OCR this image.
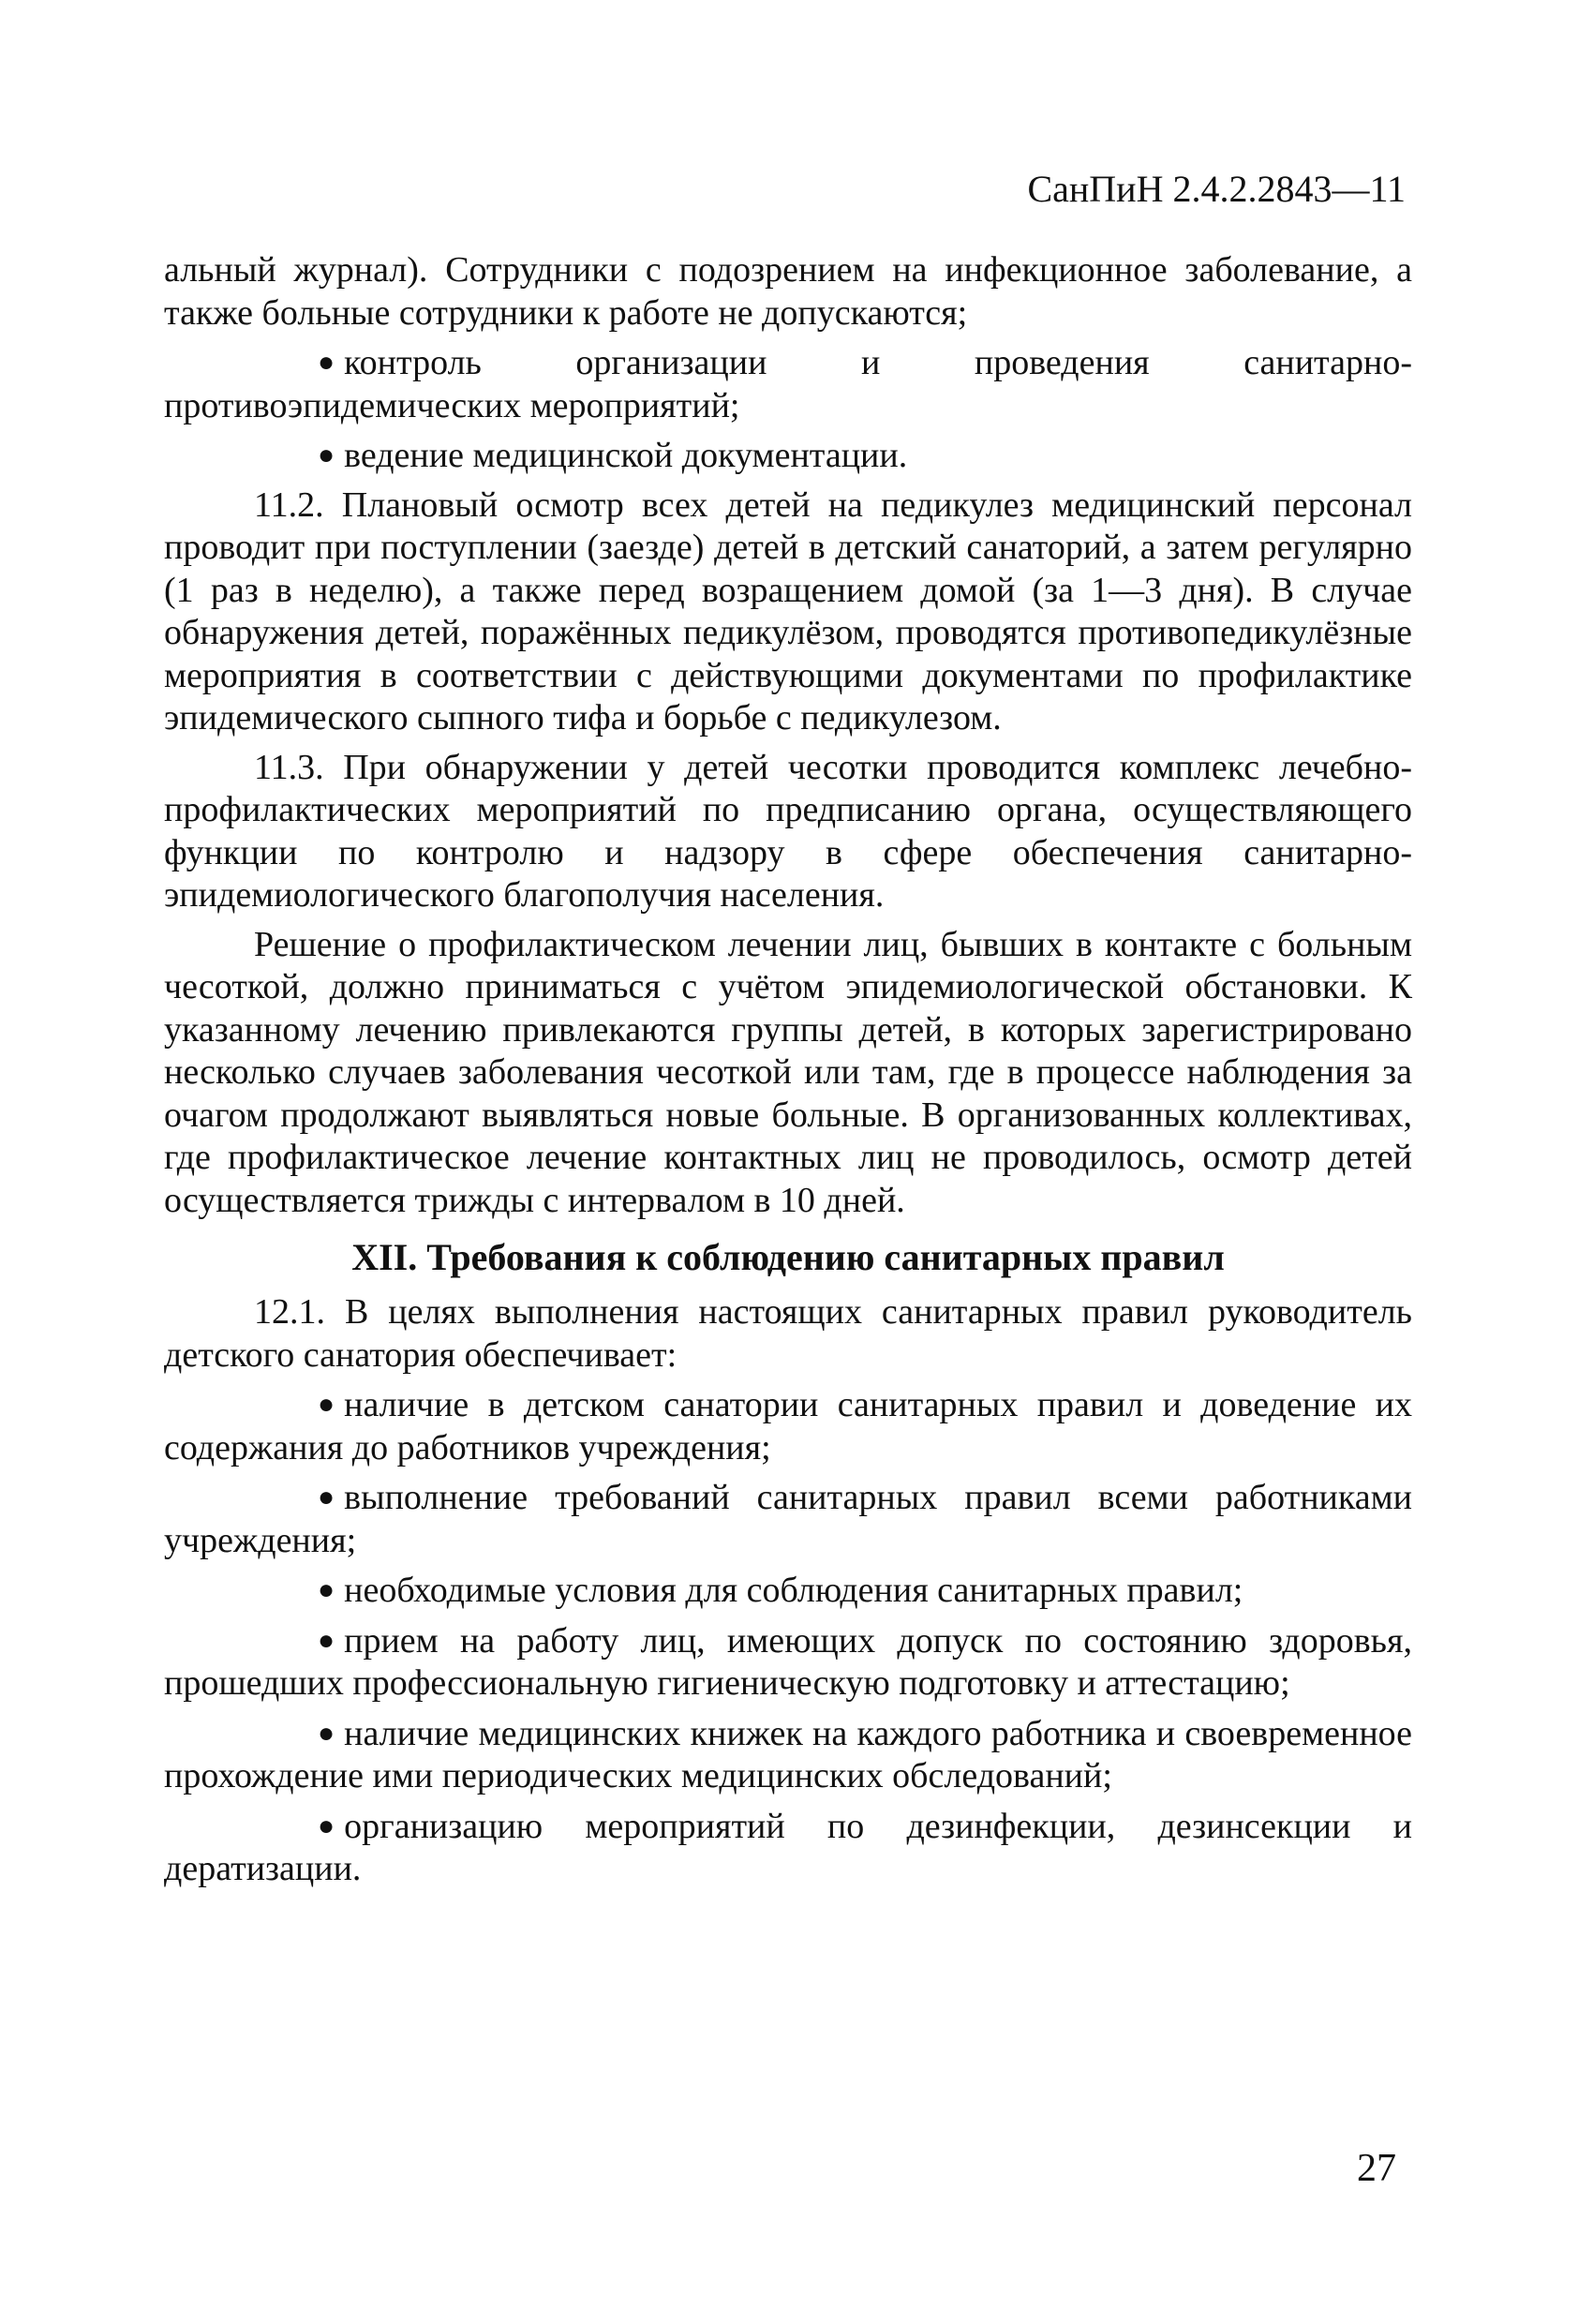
СанПиН 2.4.2.2843—11

альный журнал). Сотрудники с подозрением на инфекционное заболевание, а также больные сотрудники к работе не допускаются;

● контроль организации и проведения санитарно-противоэпидемических мероприятий;

● ведение медицинской документации.

11.2. Плановый осмотр всех детей на педикулез медицинский персонал проводит при поступлении (заезде) детей в детский санаторий, а затем регулярно (1 раз в неделю), а также перед возращением домой (за 1—3 дня). В случае обнаружения детей, поражённых педикулёзом, проводятся противопедикулёзные мероприятия в соответствии с действующими документами по профилактике эпидемического сыпного тифа и борьбе с педикулезом.

11.3. При обнаружении у детей чесотки проводится комплекс лечебно-профилактических мероприятий по предписанию органа, осуществляющего функции по контролю и надзору в сфере обеспечения санитарно-эпидемиологического благополучия населения.

Решение о профилактическом лечении лиц, бывших в контакте с больным чесоткой, должно приниматься с учётом эпидемиологической обстановки. К указанному лечению привлекаются группы детей, в которых зарегистрировано несколько случаев заболевания чесоткой или там, где в процессе наблюдения за очагом продолжают выявляться новые больные. В организованных коллективах, где профилактическое лечение контактных лиц не проводилось, осмотр детей осуществляется трижды с интервалом в 10 дней.

XII. Требования к соблюдению санитарных правил

12.1. В целях выполнения настоящих санитарных правил руководитель детского санатория обеспечивает:

● наличие в детском санатории санитарных правил и доведение их содержания до работников учреждения;

● выполнение требований санитарных правил всеми работниками учреждения;

● необходимые условия для соблюдения санитарных правил;

● прием на работу лиц, имеющих допуск по состоянию здоровья, прошедших профессиональную гигиеническую подготовку и аттестацию;

● наличие медицинских книжек на каждого работника и своевременное прохождение ими периодических медицинских обследований;

● организацию мероприятий по дезинфекции, дезинсекции и дератизации.

27
